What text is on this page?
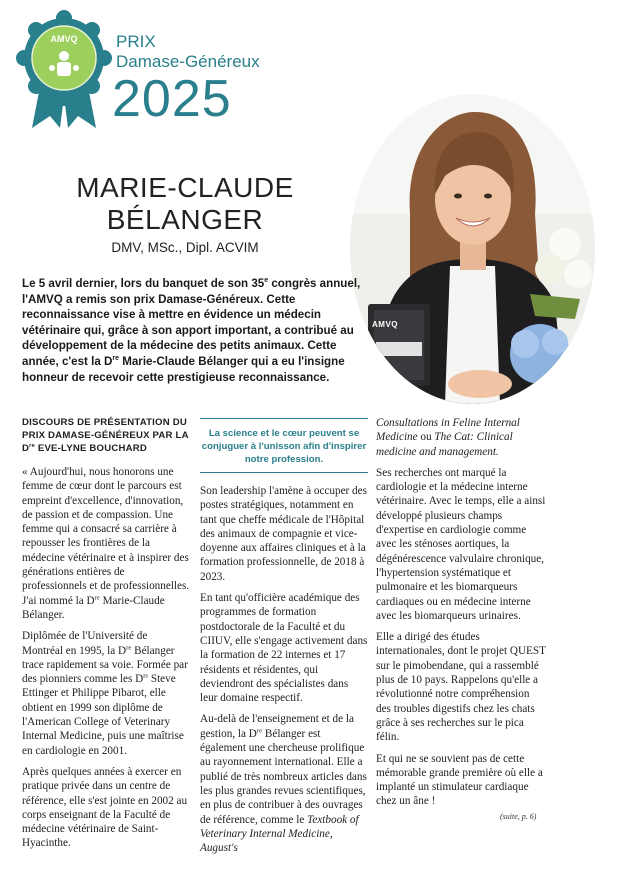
AMVQ	PRIX
Damase-Généreux
2025
MARIE-CLAUDE
BÉLANGER
DMV, MSc., Dipl. ACVIM
AMVQ
Le 5 avril dernier, lors du banquet de son 35e congrès annuel, l'AMVQ a remis son prix Damase-Généreux. Cette reconnaissance vise à mettre en évidence un médecin vétérinaire qui, grâce à son apport important, a contribué au développement de la médecine des petits animaux. Cette année, c'est la Dre Marie-Claude Bélanger qui a eu l'insigne honneur de recevoir cette prestigieuse reconnaissance.
DISCOURS DE PRÉSENTATION DU PRIX DAMASE-GÉNÉREUX PAR LA Dre EVE-LYNE BOUCHARD

« Aujourd'hui, nous honorons une femme de cœur dont le parcours est empreint d'excellence, d'innovation, de passion et de compassion. Une femme qui a consacré sa carrière à repousser les frontières de la médecine vétérinaire et à inspirer des générations entières de professionnels et de professionnelles. J'ai nommé la Dre Marie-Claude Bélanger.

Diplômée de l'Université de Montréal en 1995, la Dre Bélanger trace rapidement sa voie. Formée par des pionniers comme les $D^{rs}$ Steve Ettinger et Philippe Pibarot, elle obtient en 1999 son diplôme de l'American College of Veterinary Internal Medicine, puis une maîtrise en cardiologie en 2001.

Après quelques années à exercer en pratique privée dans un centre de référence, elle s'est jointe en 2002 au corps enseignant de la Faculté de médecine vétérinaire de Saint-Hyacinthe.

La science et le cœur peuvent se conjuguer à l'unisson afin d'inspirer notre profession.

Son leadership l'amène à occuper des postes stratégiques, notamment en tant que cheffe médicale de l'Hôpital des animaux de compagnie et vice-doyenne aux affaires cliniques et à la formation professionnelle, de 2018 à 2023.

En tant qu'officière académique des programmes de formation postdoctorale de la Faculté et du CIIUV, elle s'engage activement dans la formation de 22 internes et 17 résidents et résidentes, qui deviendront des spécialistes dans leur domaine respectif.

Au-delà de l'enseignement et de la gestion, la Dre Bélanger est également une chercheuse prolifique au rayonnement international. Elle a publié de très nombreux articles dans les plus grandes revues scientifiques, en plus de contribuer à des ouvrages de référence, comme le Textbook of Veterinary Internal Medicine, August's

Consultations in Feline Internal Medicine ou The Cat: Clinical medicine and management.

Ses recherches ont marqué la cardiologie et la médecine interne vétérinaire. Avec le temps, elle a ainsi développé plusieurs champs d'expertise en cardiologie comme avec les sténoses aortiques, la dégénérescence valvulaire chronique, l'hypertension systématique et pulmonaire et les biomarqueurs cardiaques ou en médecine interne avec les biomarqueurs urinaires.

Elle a dirigé des études internationales, dont le projet QUEST sur le pimobendane, qui a rassemblé plus de 10 pays. Rappelons qu'elle a révolutionné notre compréhension des troubles digestifs chez les chats grâce à ses recherches sur le pica félin.

Et qui ne se souvient pas de cette mémorable grande première où elle a implanté un stimulateur cardiaque chez un âne !

(suite, p. 6)
